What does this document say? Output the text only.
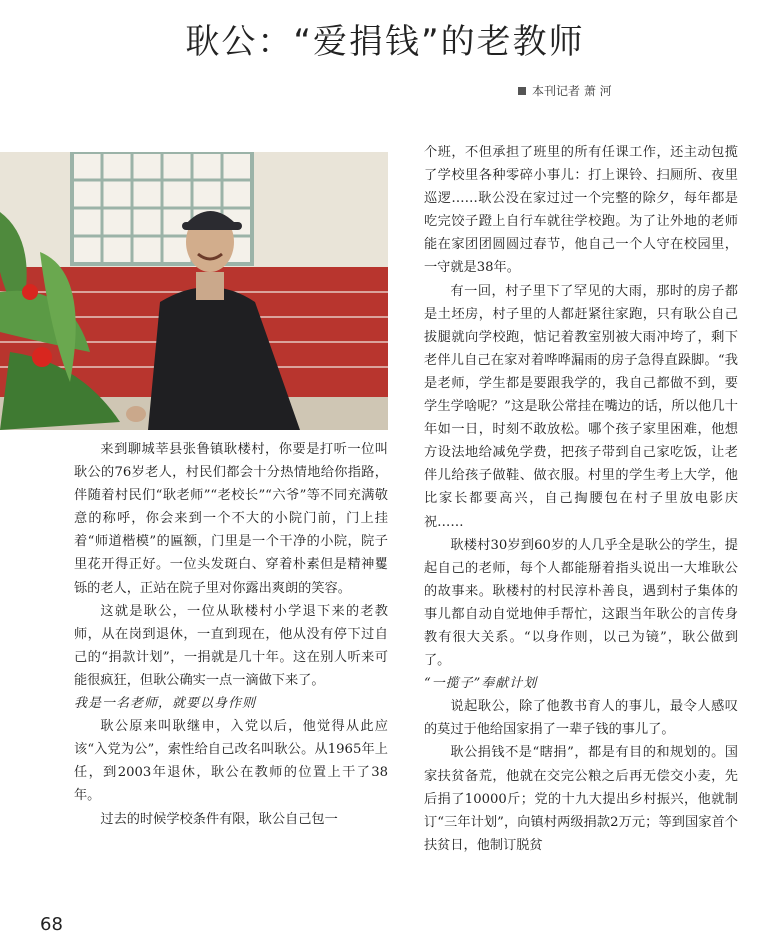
耿公：“爱捐钱”的老教师
本刊记者 萧 河

来到聊城莘县张鲁镇耿楼村，你要是打听一位叫耿公的76岁老人，村民们都会十分热情地给你指路，伴随着村民们“耿老师”“老校长”“六爷”等不同充满敬意的称呼，你会来到一个不大的小院门前，门上挂着“师道楷模”的匾额，门里是一个干净的小院，院子里花开得正好。一位头发斑白、穿着朴素但是精神矍铄的老人，正站在院子里对你露出爽朗的笑容。

这就是耿公，一位从耿楼村小学退下来的老教师，从在岗到退休，一直到现在，他从没有停下过自己的“捐款计划”，一捐就是几十年。这在别人听来可能很疯狂，但耿公确实一点一滴做下来了。

我是一名老师，就要以身作则

耿公原来叫耿继申，入党以后，他觉得从此应该“入党为公”，索性给自己改名叫耿公。从1965年上任，到2003年退休，耿公在教师的位置上干了38年。

过去的时候学校条件有限，耿公自己包一

个班，不但承担了班里的所有任课工作，还主动包揽了学校里各种零碎小事儿：打上课铃、扫厕所、夜里巡逻……耿公没在家过过一个完整的除夕，每年都是吃完饺子蹬上自行车就往学校跑。为了让外地的老师能在家团团圆圆过春节，他自己一个人守在校园里，一守就是38年。

有一回，村子里下了罕见的大雨，那时的房子都是土坯房，村子里的人都赶紧往家跑，只有耿公自己拔腿就向学校跑，惦记着教室别被大雨冲垮了，剩下老伴儿自己在家对着哗哗漏雨的房子急得直跺脚。“我是老师，学生都是要跟我学的，我自己都做不到，要学生学啥呢？”这是耿公常挂在嘴边的话，所以他几十年如一日，时刻不敢放松。哪个孩子家里困难，他想方设法地给减免学费，把孩子带到自己家吃饭，让老伴儿给孩子做鞋、做衣服。村里的学生考上大学，他比家长都要高兴，自己掏腰包在村子里放电影庆祝……

耿楼村30岁到60岁的人几乎全是耿公的学生，提起自己的老师，每个人都能掰着指头说出一大堆耿公的故事来。耿楼村的村民淳朴善良，遇到村子集体的事儿都自动自觉地伸手帮忙，这跟当年耿公的言传身教有很大关系。“以身作则，以己为镜”，耿公做到了。

“一揽子”奉献计划

说起耿公，除了他教书育人的事儿，最令人感叹的莫过于他给国家捐了一辈子钱的事儿了。

耿公捐钱不是“瞎捐”，都是有目的和规划的。国家扶贫备荒，他就在交完公粮之后再无偿交小麦，先后捐了10000斤；党的十九大提出乡村振兴，他就制订“三年计划”，向镇村两级捐款2万元；等到国家首个扶贫日，他制订脱贫

68
